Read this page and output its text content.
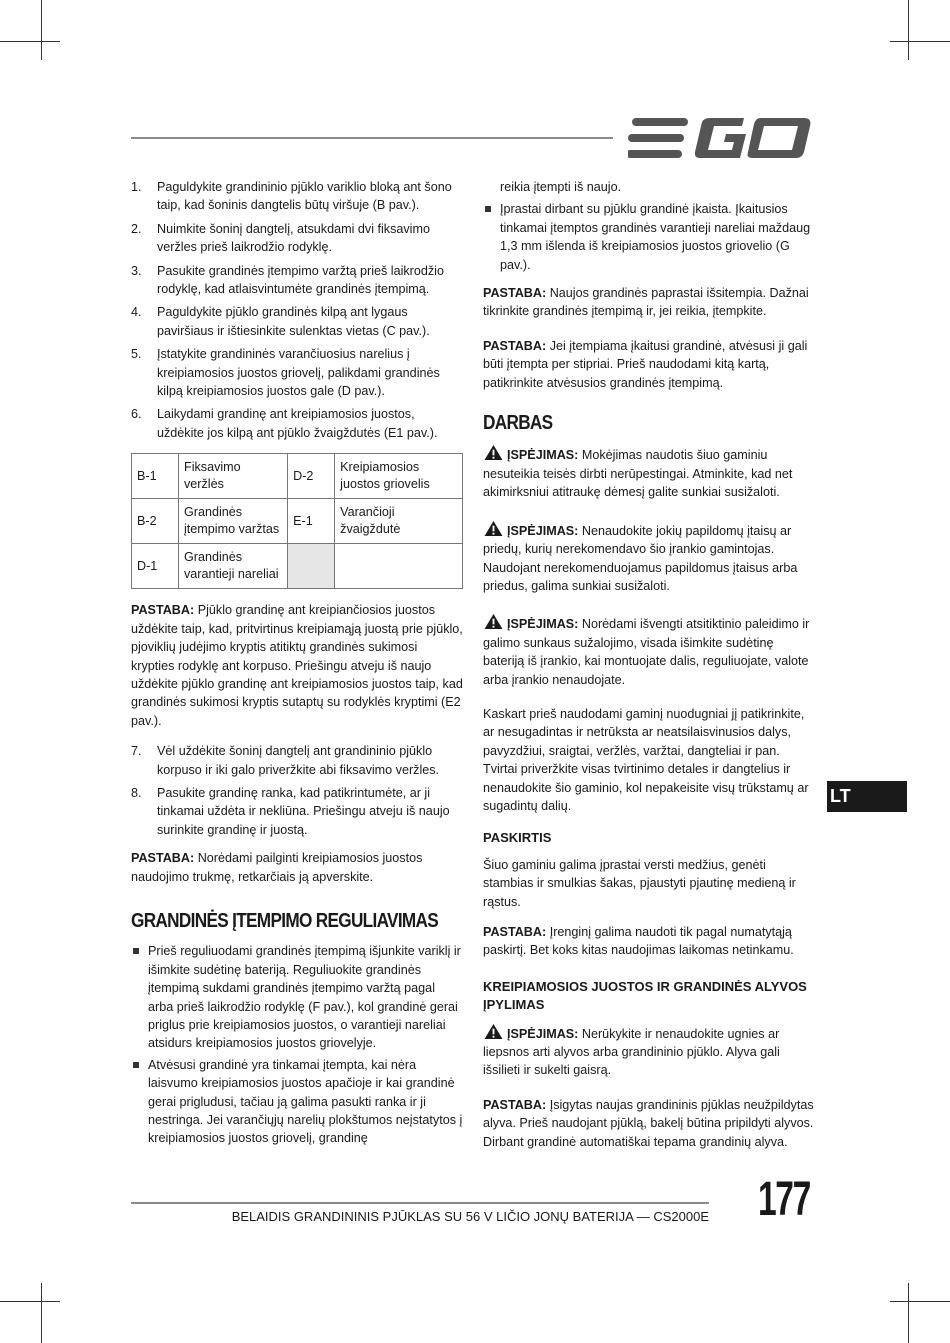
1. Paguldykite grandininio pjūklo variklio bloką ant šono taip, kad šoninis dangtelis būtų viršuje (B pav.).
2. Nuimkite šoninį dangtelį, atsukdami dvi fiksavimo veržles prieš laikrodžio rodyklę.
3. Pasukite grandinės įtempimo varžtą prieš laikrodžio rodyklę, kad atlaisvintumėte grandinės įtempimą.
4. Paguldykite pjūklo grandinės kilpą ant lygaus paviršiaus ir ištiesinkite sulenktas vietas (C pav.).
5. Įstatykite grandininės varančiuosius narelius į kreipiamosios juostos griovelį, palikdami grandinės kilpą kreipiamosios juostos gale (D pav.).
6. Laikydami grandinę ant kreipiamosios juostos, uždėkite jos kilpą ant pjūklo žvaigždutės (E1 pav.).
B-1	Fiksavimo veržlės	D-2	Kreipiamosios juostos griovelis
B-2	Grandinės įtempimo varžtas	E-1	Varančioji žvaigždutė
D-1	Grandinės varantieji nareliai		

PASTABA: Pjūklo grandinę ant kreipiančiosios juostos uždėkite taip, kad, pritvirtinus kreipiamąją juostą prie pjūklo, pjoviklių judėjimo kryptis atitiktų grandinės sukimosi krypties rodyklę ant korpuso. Priešingu atveju iš naujo uždėkite pjūklo grandinę ant kreipiamosios juostos taip, kad grandinės sukimosi kryptis sutaptų su rodyklės kryptimi (E2 pav.).

7. Vėl uždėkite šoninį dangtelį ant grandininio pjūklo korpuso ir iki galo priveržkite abi fiksavimo veržles.
8. Pasukite grandinę ranka, kad patikrintumėte, ar ji tinkamai uždėta ir nekliūna. Priešingu atveju iš naujo surinkite grandinę ir juostą.

PASTABA: Norėdami pailginti kreipiamosios juostos naudojimo trukmę, retkarčiais ją apverskite.

GRANDINĖS ĮTEMPIMO REGULIAVIMAS
Prieš reguliuodami grandinės įtempimą išjunkite variklį ir išimkite sudėtinę bateriją. Reguliuokite grandinės įtempimą sukdami grandinės įtempimo varžtą pagal arba prieš laikrodžio rodyklę (F pav.), kol grandinė gerai priglus prie kreipiamosios juostos, o varantieji nareliai atsidurs kreipiamosios juostos griovelyje.
Atvėsusi grandinė yra tinkamai įtempta, kai nėra laisvumo kreipiamosios juostos apačioje ir kai grandinė gerai prigludusi, tačiau ją galima pasukti ranka ir ji nestringa. Jei varančiųjų narelių plokštumos neįstatytos į kreipiamosios juostos griovelį, grandinę

reikia įtempti iš naujo.

Įprastai dirbant su pjūklu grandinė įkaista. Įkaitusios tinkamai įtemptos grandinės varantieji nareliai maždaug 1,3 mm išlenda iš kreipiamosios juostos griovelio (G pav.).

PASTABA: Naujos grandinės paprastai išsitempia. Dažnai tikrinkite grandinės įtempimą ir, jei reikia, įtempkite.

PASTABA: Jei įtempiama įkaitusi grandinė, atvėsusi ji gali būti įtempta per stipriai. Prieš naudodami kitą kartą, patikrinkite atvėsusios grandinės įtempimą.

DARBAS

ĮSPĖJIMAS: Mokėjimas naudotis šiuo gaminiu nesuteikia teisės dirbti nerūpestingai. Atminkite, kad net akimirksniui atitraukę dėmesį galite sunkiai susižaloti.

ĮSPĖJIMAS: Nenaudokite jokių papildomų įtaisų ar priedų, kurių nerekomendavo šio įrankio gamintojas. Naudojant nerekomenduojamus papildomus įtaisus arba priedus, galima sunkiai susižaloti.

ĮSPĖJIMAS: Norėdami išvengti atsitiktinio paleidimo ir galimo sunkaus sužalojimo, visada išimkite sudėtinę bateriją iš įrankio, kai montuojate dalis, reguliuojate, valote arba įrankio nenaudojate.

Kaskart prieš naudodami gaminį nuodugniai jį patikrinkite, ar nesugadintas ir netrūksta ar neatsilaisvinusios dalys, pavyzdžiui, sraigtai, veržlės, varžtai, dangteliai ir pan. Tvirtai priveržkite visas tvirtinimo detales ir dangtelius ir nenaudokite šio gaminio, kol nepakeisite visų trūkstamų ar sugadintų dalių.

PASKIRTIS

Šiuo gaminiu galima įprastai versti medžius, genėti stambias ir smulkias šakas, pjaustyti pjautinę medieną ir rąstus.

PASTABA: Įrenginį galima naudoti tik pagal numatytąją paskirtį. Bet koks kitas naudojimas laikomas netinkamu.

KREIPIAMOSIOS JUOSTOS IR GRANDINĖS ALYVOS ĮPYLIMAS

ĮSPĖJIMAS: Nerūkykite ir nenaudokite ugnies ar liepsnos arti alyvos arba grandininio pjūklo. Alyva gali išsilieti ir sukelti gaisrą.

PASTABA: Įsigytas naujas grandininis pjūklas neužpildytas alyva. Prieš naudojant pjūklą, bakelį būtina pripildyti alyvos. Dirbant grandinė automatiškai tepama grandinių alyva.

LT
BELAIDIS GRANDININIS PJŪKLAS SU 56 V LIČIO JONŲ BATERIJA — CS2000E 177
